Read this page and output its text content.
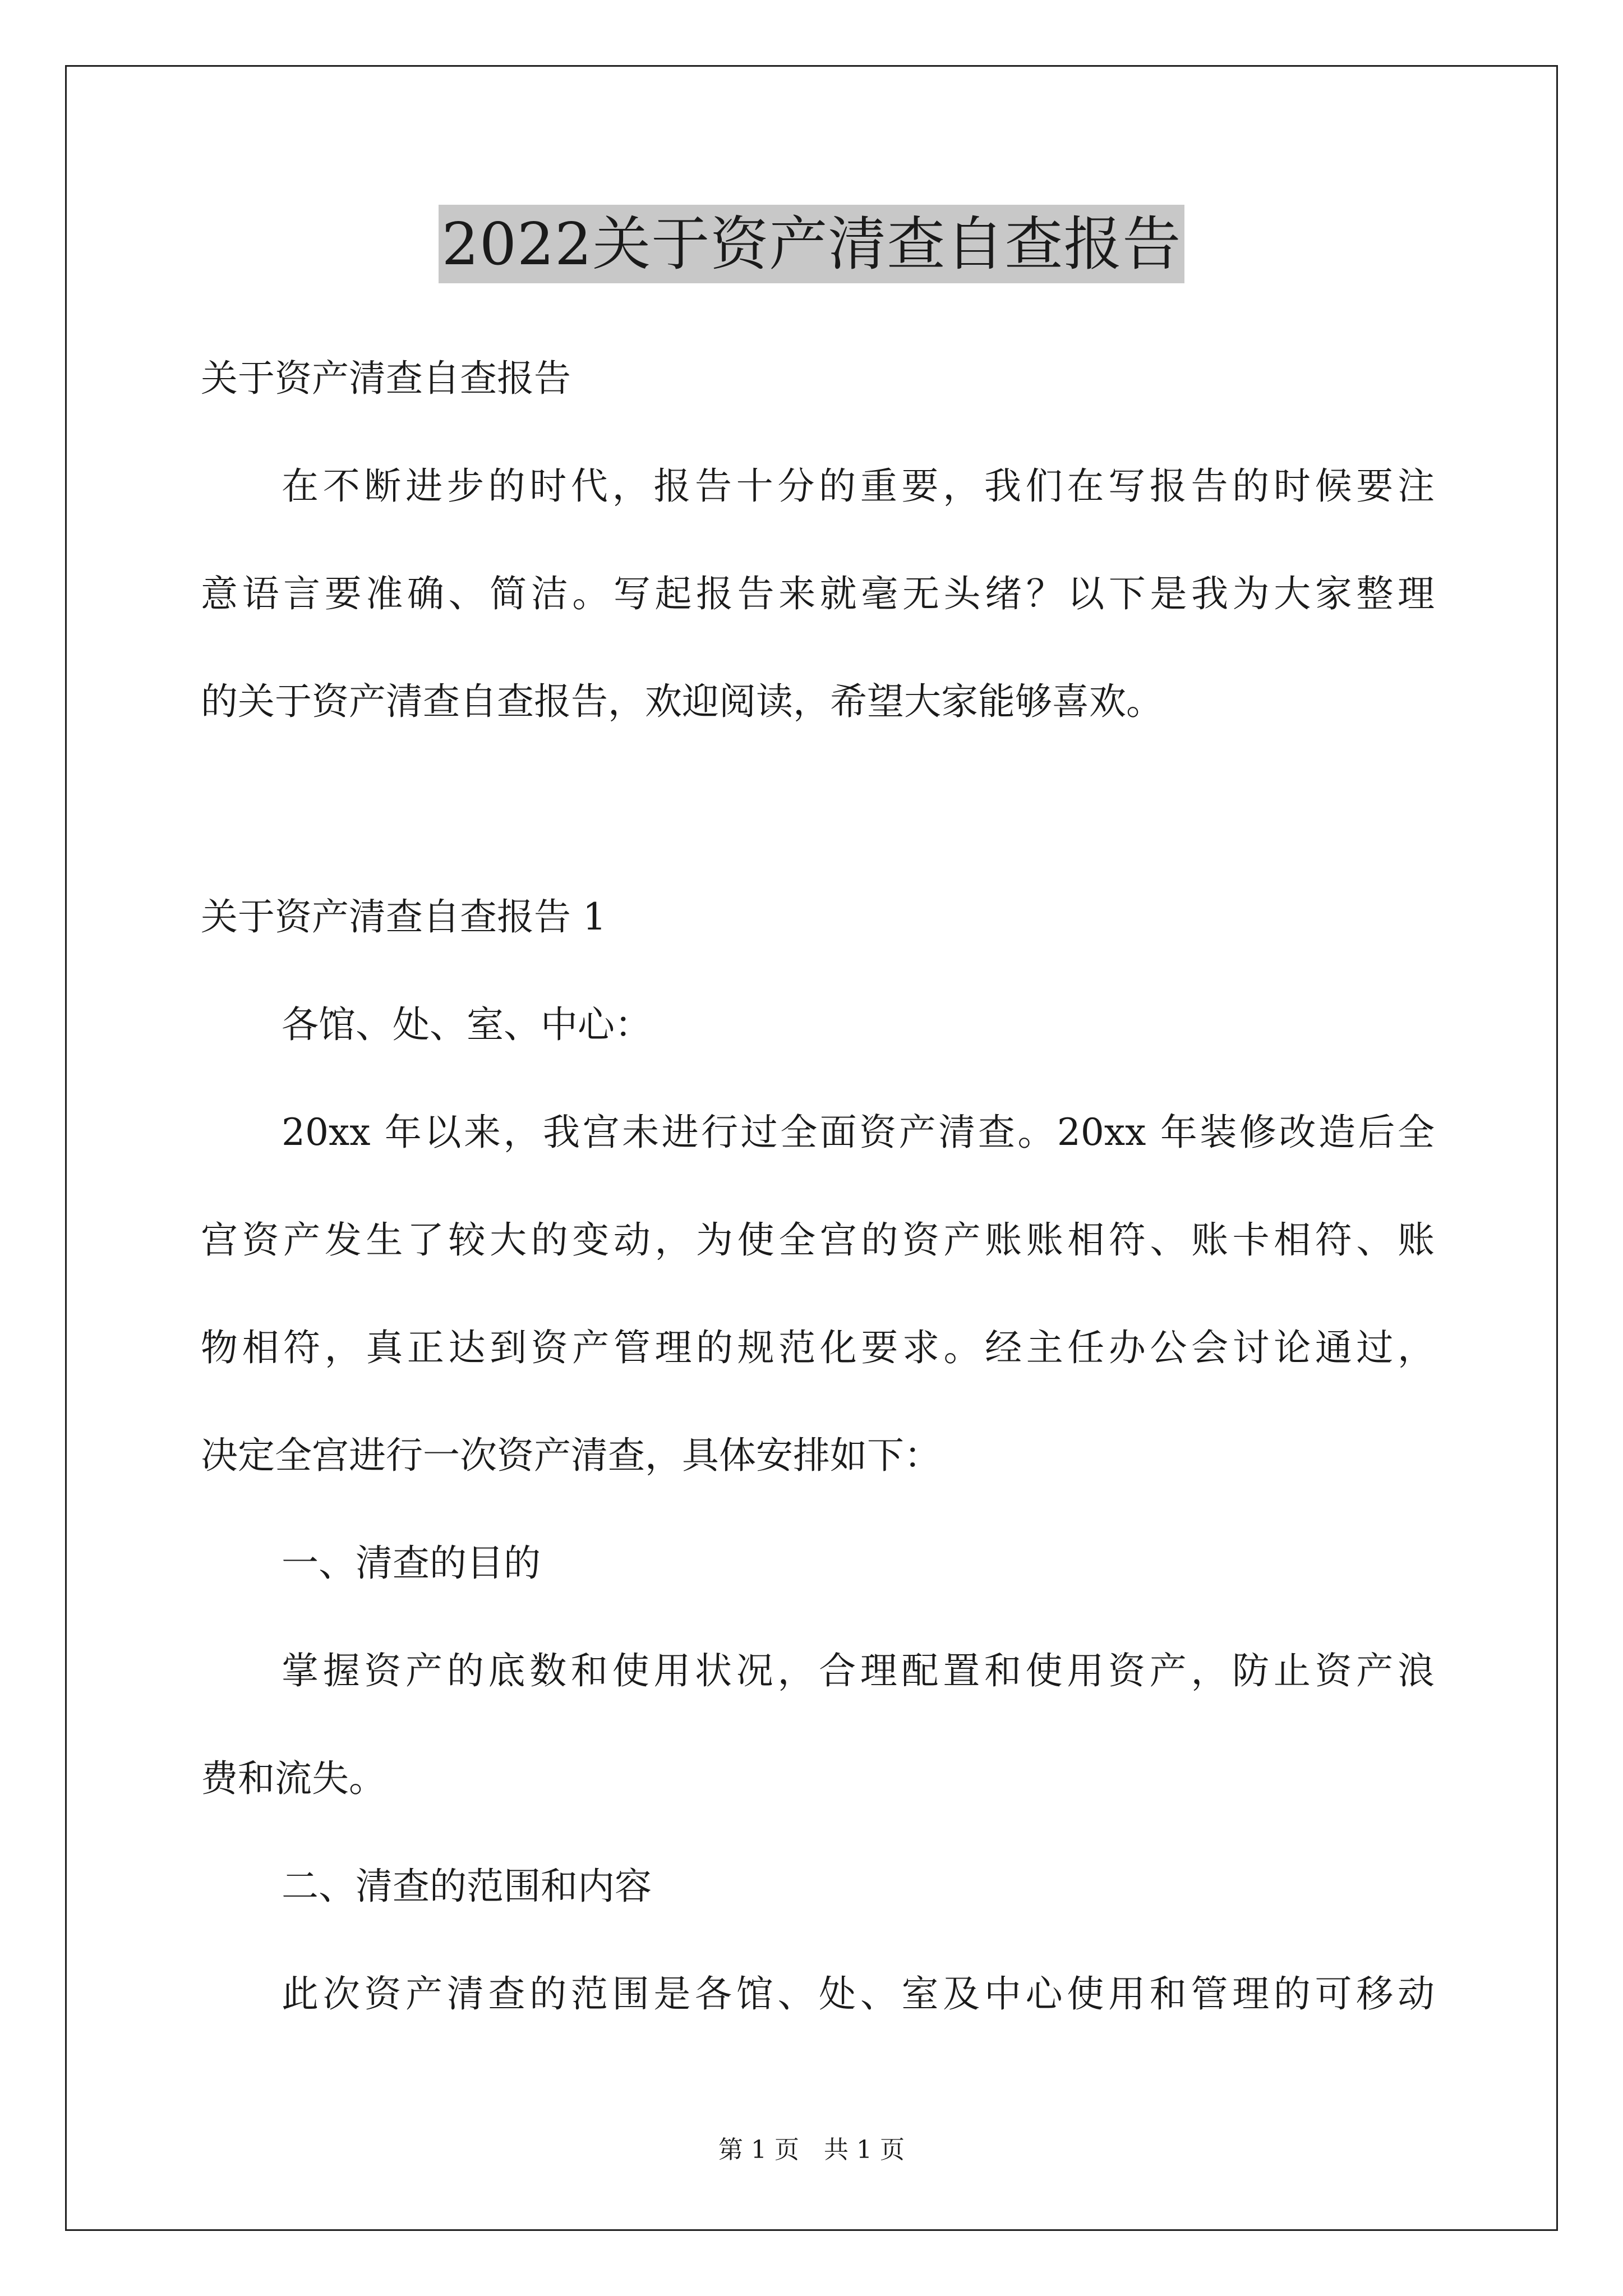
2022关于资产清查自查报告
关于资产清查自查报告
在不断进步的时代，报告十分的重要，我们在写报告的时候要注
意语言要准确、简洁。写起报告来就毫无头绪？以下是我为大家整理
的关于资产清查自查报告，欢迎阅读，希望大家能够喜欢。
关于资产清查自查报告 1
各馆、处、室、中心：
20xx 年以来，我宫未进行过全面资产清查。20xx 年装修改造后全
宫资产发生了较大的变动，为使全宫的资产账账相符、账卡相符、账
物相符，真正达到资产管理的规范化要求。经主任办公会讨论通过，
决定全宫进行一次资产清查，具体安排如下：
一、清查的目的
掌握资产的底数和使用状况，合理配置和使用资产，防止资产浪
费和流失。
二、清查的范围和内容
此次资产清查的范围是各馆、处、室及中心使用和管理的可移动
第 1 页　共 1 页
